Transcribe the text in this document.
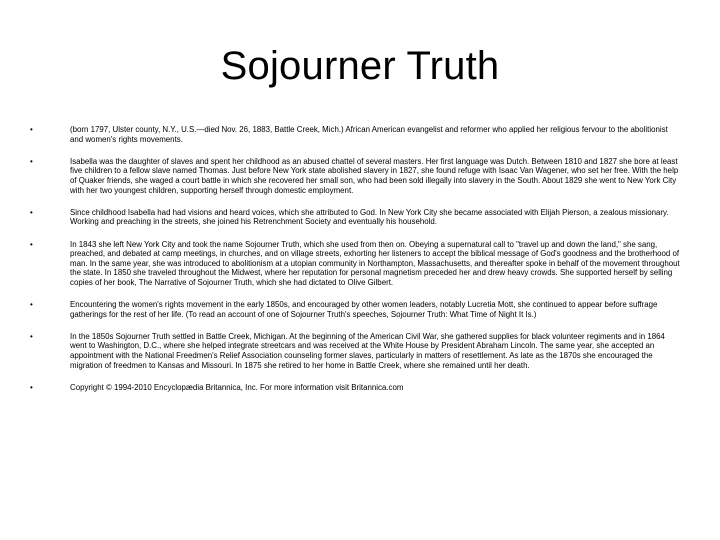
Sojourner Truth
•	(born 1797, Ulster county, N.Y., U.S.—died Nov. 26, 1883, Battle Creek, Mich.) African American evangelist and reformer who applied her religious fervour to the abolitionist and women's rights movements.
•	Isabella was the daughter of slaves and spent her childhood as an abused chattel of several masters. Her first language was Dutch. Between 1810 and 1827 she bore at least five children to a fellow slave named Thomas. Just before New York state abolished slavery in 1827, she found refuge with Isaac Van Wagener, who set her free. With the help of Quaker friends, she waged a court battle in which she recovered her small son, who had been sold illegally into slavery in the South. About 1829 she went to New York City with her two youngest children, supporting herself through domestic employment.
•	Since childhood Isabella had had visions and heard voices, which she attributed to God. In New York City she became associated with Elijah Pierson, a zealous missionary. Working and preaching in the streets, she joined his Retrenchment Society and eventually his household.
•	In 1843 she left New York City and took the name Sojourner Truth, which she used from then on. Obeying a supernatural call to "travel up and down the land," she sang, preached, and debated at camp meetings, in churches, and on village streets, exhorting her listeners to accept the biblical message of God's goodness and the brotherhood of man. In the same year, she was introduced to abolitionism at a utopian community in Northampton, Massachusetts, and thereafter spoke in behalf of the movement throughout the state. In 1850 she traveled throughout the Midwest, where her reputation for personal magnetism preceded her and drew heavy crowds. She supported herself by selling copies of her book, The Narrative of Sojourner Truth, which she had dictated to Olive Gilbert.
•	Encountering the women's rights movement in the early 1850s, and encouraged by other women leaders, notably Lucretia Mott, she continued to appear before suffrage gatherings for the rest of her life. (To read an account of one of Sojourner Truth's speeches, Sojourner Truth: What Time of Night It Is.)
•	In the 1850s Sojourner Truth settled in Battle Creek, Michigan. At the beginning of the American Civil War, she gathered supplies for black volunteer regiments and in 1864 went to Washington, D.C., where she helped integrate streetcars and was received at the White House by President Abraham Lincoln. The same year, she accepted an appointment with the National Freedmen's Relief Association counseling former slaves, particularly in matters of resettlement. As late as the 1870s she encouraged the migration of freedmen to Kansas and Missouri. In 1875 she retired to her home in Battle Creek, where she remained until her death.
•	Copyright © 1994-2010 Encyclopædia Britannica, Inc. For more information visit Britannica.com
